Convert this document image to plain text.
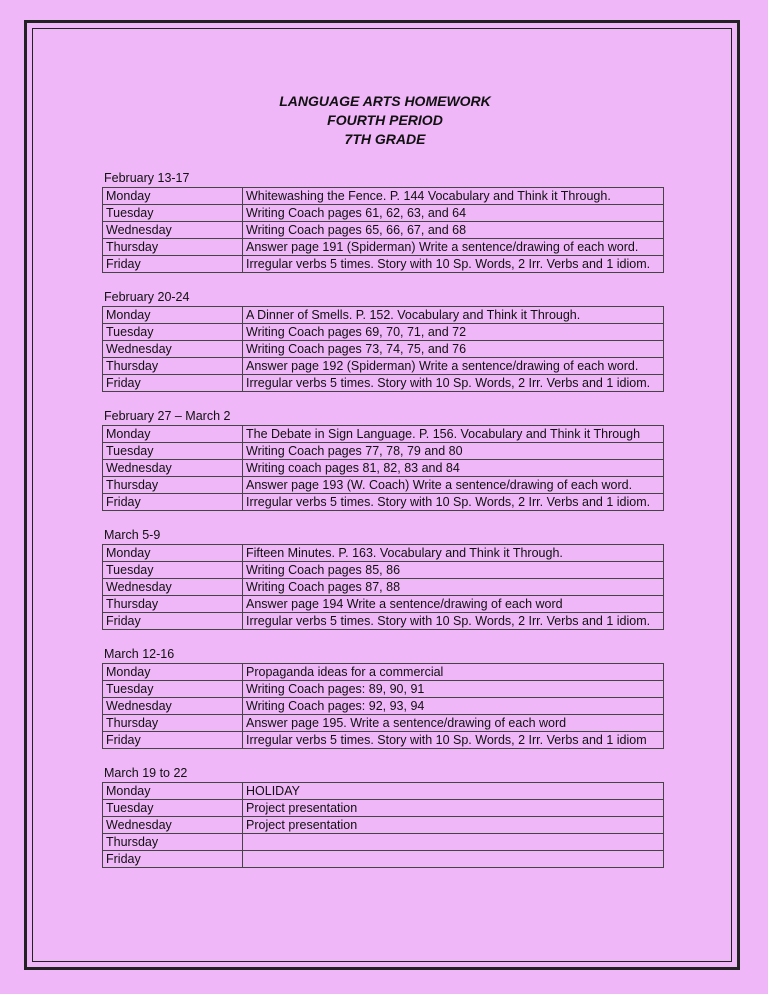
LANGUAGE ARTS HOMEWORK
FOURTH PERIOD
7TH GRADE
February 13-17
Monday	Whitewashing the Fence. P. 144 Vocabulary and Think it Through.
Tuesday	Writing Coach pages 61, 62, 63, and 64
Wednesday	Writing Coach pages 65, 66, 67, and 68
Thursday	Answer page 191 (Spiderman) Write a sentence/drawing of each word.
Friday	Irregular verbs 5 times. Story with 10 Sp. Words, 2 Irr. Verbs and 1 idiom.
February 20-24
Monday	A Dinner of Smells. P. 152. Vocabulary and Think it Through.
Tuesday	Writing Coach pages 69, 70, 71, and 72
Wednesday	Writing Coach pages 73, 74, 75, and 76
Thursday	Answer page 192 (Spiderman) Write a sentence/drawing of each word.
Friday	Irregular verbs 5 times. Story with 10 Sp. Words, 2 Irr. Verbs and 1 idiom.
February 27 – March 2
Monday	The Debate in Sign Language. P. 156. Vocabulary and Think it Through
Tuesday	Writing Coach pages 77, 78, 79 and 80
Wednesday	Writing coach pages 81, 82, 83 and 84
Thursday	Answer page 193 (W. Coach) Write a sentence/drawing of each word.
Friday	Irregular verbs 5 times. Story with 10 Sp. Words, 2 Irr. Verbs and 1 idiom.
March 5-9
Monday	Fifteen Minutes. P. 163. Vocabulary and Think it Through.
Tuesday	Writing Coach pages 85, 86
Wednesday	Writing Coach pages 87, 88
Thursday	Answer page 194 Write a sentence/drawing of each word
Friday	Irregular verbs 5 times. Story with 10 Sp. Words, 2 Irr. Verbs and 1 idiom.
March 12-16
Monday	Propaganda ideas for a commercial
Tuesday	Writing Coach pages: 89, 90, 91
Wednesday	Writing Coach pages: 92, 93, 94
Thursday	Answer page 195. Write a sentence/drawing of each word
Friday	Irregular verbs 5 times. Story with 10 Sp. Words, 2 Irr. Verbs and 1 idiom
March 19 to 22
Monday	HOLIDAY
Tuesday	Project presentation
Wednesday	Project presentation
Thursday	
Friday	
